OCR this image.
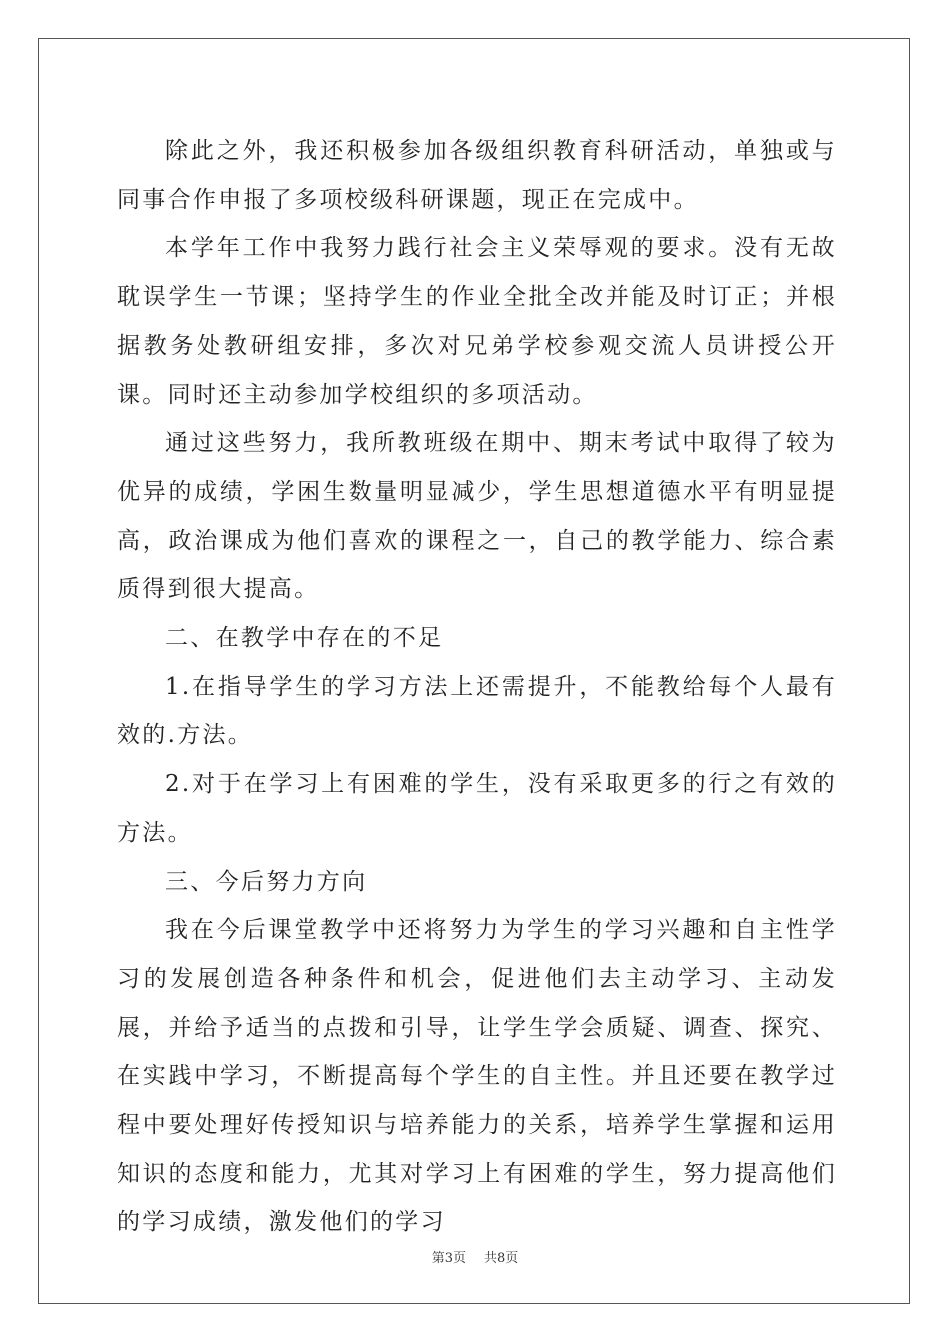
除此之外，我还积极参加各级组织教育科研活动，单独或与同事合作申报了多项校级科研课题，现正在完成中。

本学年工作中我努力践行社会主义荣辱观的要求。没有无故耽误学生一节课；坚持学生的作业全批全改并能及时订正；并根据教务处教研组安排，多次对兄弟学校参观交流人员讲授公开课。同时还主动参加学校组织的多项活动。

通过这些努力，我所教班级在期中、期末考试中取得了较为优异的成绩，学困生数量明显减少，学生思想道德水平有明显提高，政治课成为他们喜欢的课程之一，自己的教学能力、综合素质得到很大提高。

二、在教学中存在的不足

1.在指导学生的学习方法上还需提升，不能教给每个人最有效的.方法。

2.对于在学习上有困难的学生，没有采取更多的行之有效的方法。

三、今后努力方向

我在今后课堂教学中还将努力为学生的学习兴趣和自主性学习的发展创造各种条件和机会，促进他们去主动学习、主动发展，并给予适当的点拨和引导，让学生学会质疑、调查、探究、在实践中学习，不断提高每个学生的自主性。并且还要在教学过程中要处理好传授知识与培养能力的关系，培养学生掌握和运用知识的态度和能力，尤其对学习上有困难的学生，努力提高他们的学习成绩，激发他们的学习

第3页 共8页
